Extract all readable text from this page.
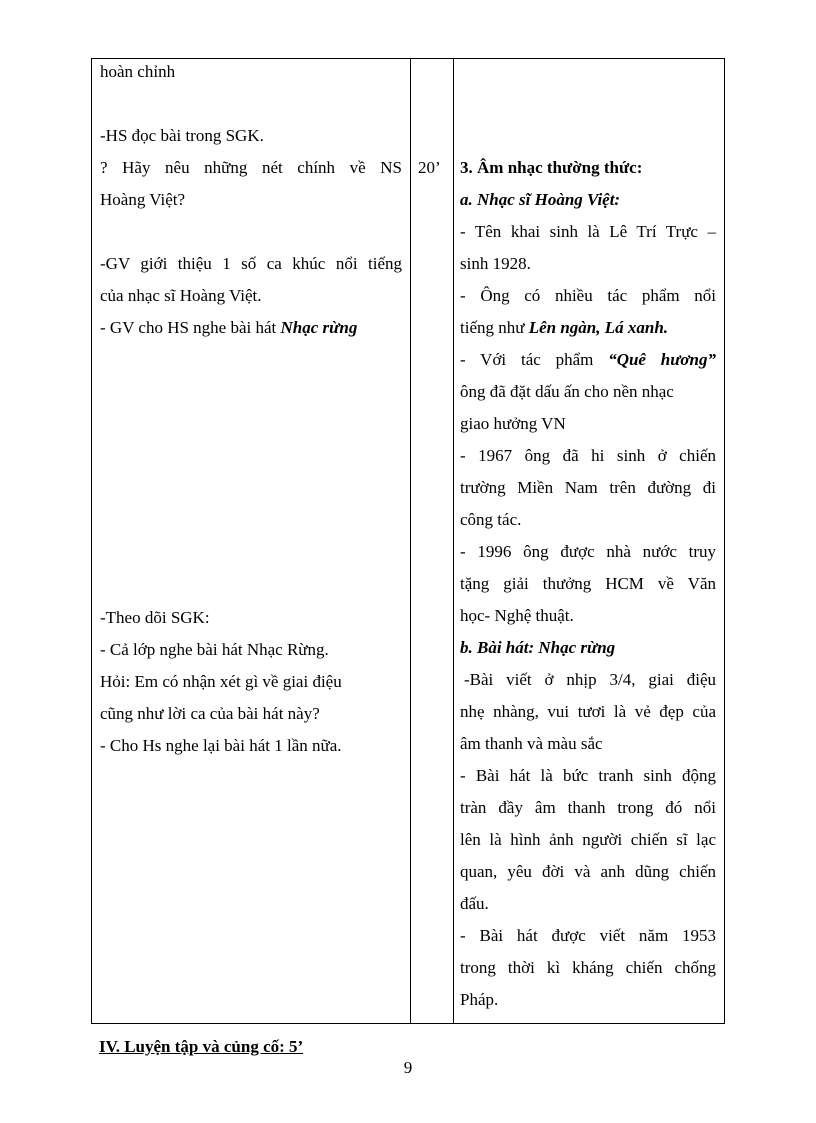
hoàn chỉnh
-HS đọc bài trong SGK.
? Hãy nêu những nét chính về NS
Hoàng Việt?
-GV giới thiệu 1 số ca khúc nổi tiếng
của nhạc sĩ Hoàng Việt.
- GV cho HS nghe bài hát Nhạc rừng
-Theo dõi SGK:
- Cả lớp nghe bài hát Nhạc Rừng.
Hỏi: Em có nhận xét gì về giai điệu
cũng như lời ca của bài hát này?
- Cho Hs nghe lại bài hát 1 lần nữa.
20’ 3. Âm nhạc thường thức:
a. Nhạc sĩ Hoàng Việt:
- Tên khai sinh là Lê Trí Trực –
sinh 1928.
- Ông có nhiều tác phẩm nổi
tiếng như Lên ngàn, Lá xanh.
- Với tác phẩm “Quê hương”
ông đã đặt dấu ấn cho nền nhạc
giao hưởng VN
- 1967 ông đã hi sinh ở chiến
trường Miền Nam trên đường đi
công tác.
- 1996 ông được nhà nước truy
tặng giải thưởng HCM về Văn
học- Nghệ thuật.
b. Bài hát: Nhạc rừng
-Bài viết ở nhịp 3/4, giai điệu
nhẹ nhàng, vui tươi là vẻ đẹp của
âm thanh và màu sắc
- Bài hát là bức tranh sinh động
tràn đầy âm thanh trong đó nổi
lên là hình ảnh người chiến sĩ lạc
quan, yêu đời và anh dũng chiến
đấu.
- Bài hát được viết năm 1953
trong thời kì kháng chiến chống
Pháp.
IV. Luyện tập và củng cố: 5’
9
